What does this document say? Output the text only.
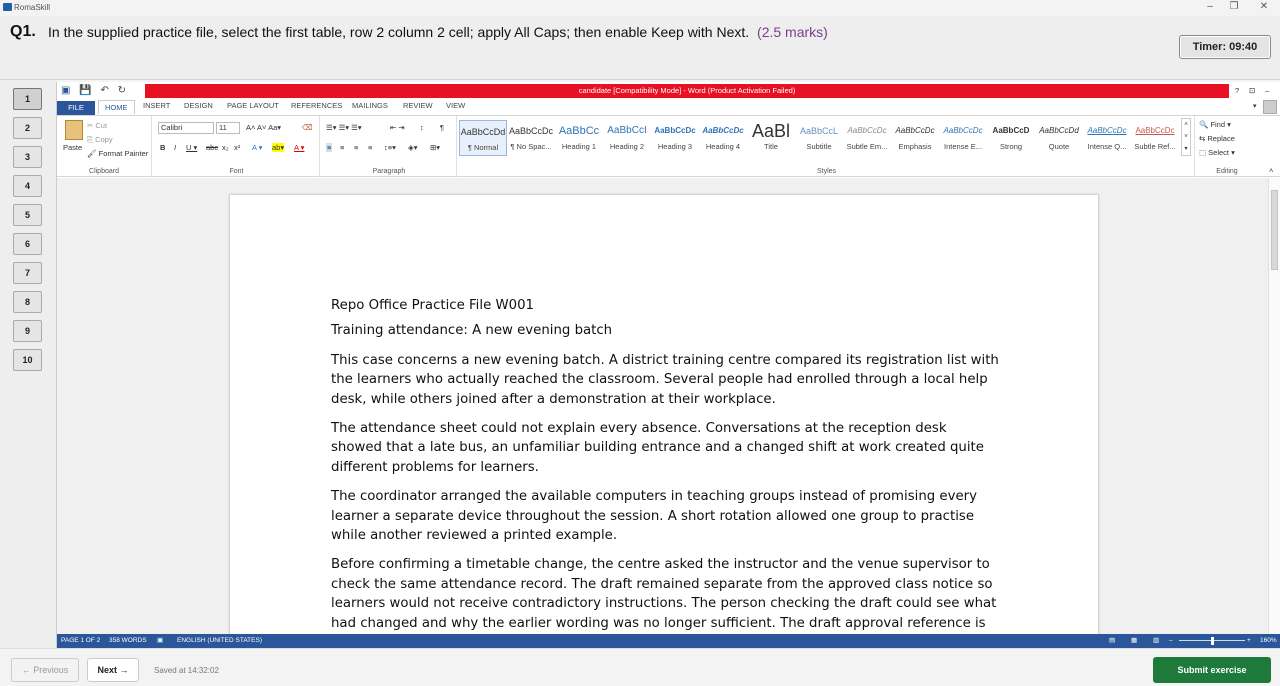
RomaSkill	–	❐	✕
Q1. In the supplied practice file, select the first table, row 2 column 2 cell; apply All Caps; then enable Keep with Next. (2.5 marks)
Timer: 09:40
1
2
3
4
5
6
7
8
9
10
▣ 💾 ↶ ↻	candidate [Compatibility Mode] - Word (Product Activation Failed)	? ⊡ –
FILE	HOME	INSERT DESIGN PAGE LAYOUT REFERENCES MAILINGS REVIEW VIEW	▾
Paste
✂ Cut
⎘ Copy
🖌 Format Painter
Clipboard
Calibri	11	A˄ A˅ Aa▾	⌫
B I U ▾ abc x₂ x² A ▾ ab▾ A ▾
Font
☰▾ ☰▾ ☰▾	⇤ ⇥ ↕ ¶
≡ ≡ ≡ ≡ ↕≡▾ ◈▾ ⊞▾
Paragraph
AaBbCcDd
¶ Normal
AaBbCcDc
¶ No Spac...
AaBbCc
Heading 1
AaBbCcI
Heading 2
AaBbCcDc
Heading 3
AaBbCcDc
Heading 4
AaBl
Title
AaBbCcL
Subtitle
AaBbCcDc
Subtle Em...
AaBbCcDc
Emphasis
AaBbCcDc
Intense E...
AaBbCcD
Strong
AaBbCcDd
Quote
AaBbCcDc
Intense Q...
AaBbCcDc
Subtle Ref...
˄
˅
▾
Styles
🔍 Find ▾
⇆ Replace
⬚ Select ▾
Editing	˄

Repo Office Practice File W001

Training attendance: A new evening batch

This case concerns a new evening batch. A district training centre compared its registration list with the learners who actually reached the classroom. Several people had enrolled through a local help desk, while others joined after a demonstration at their workplace.

The attendance sheet could not explain every absence. Conversations at the reception desk showed that a late bus, an unfamiliar building entrance and a changed shift at work created quite different problems for learners.

The coordinator arranged the available computers in teaching groups instead of promising every learner a separate device throughout the session. A short rotation allowed one group to practise while another reviewed a printed example.

Before confirming a timetable change, the centre asked the instructor and the venue supervisor to check the same attendance record. The draft remained separate from the approved class notice so learners would not receive contradictory instructions. The person checking the draft could see what had changed and why the earlier wording was no longer sufficient. The draft approval reference is

PAGE 1 OF 2 358 WORDS ▣ ENGLISH (UNITED STATES)	▤ ▦ ▥ –	+ 160%
← Previous	Next →	Saved at 14:32:02	Submit exercise
